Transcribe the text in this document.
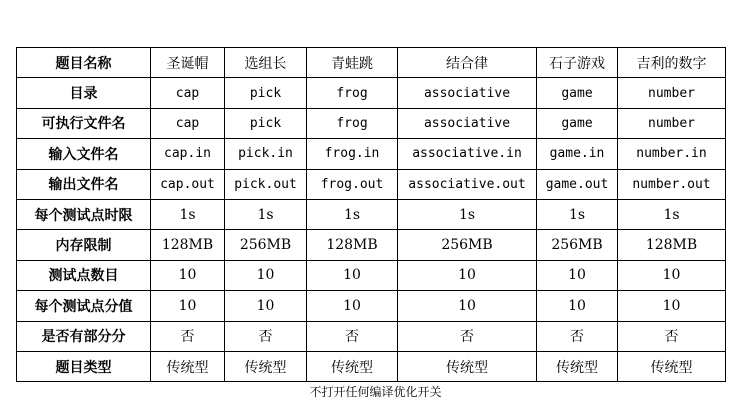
题目名称	圣诞帽	选组长	青蛙跳	结合律	石子游戏	吉利的数字
目录	cap	pick	frog	associative	game	number
可执行文件名	cap	pick	frog	associative	game	number
输入文件名	cap.in	pick.in	frog.in	associative.in	game.in	number.in
输出文件名	cap.out	pick.out	frog.out	associative.out	game.out	number.out
每个测试点时限	1s	1s	1s	1s	1s	1s
内存限制	128MB	256MB	128MB	256MB	256MB	128MB
测试点数目	10	10	10	10	10	10
每个测试点分值	10	10	10	10	10	10
是否有部分分	否	否	否	否	否	否
题目类型	传统型	传统型	传统型	传统型	传统型	传统型
不打开任何编译优化开关
